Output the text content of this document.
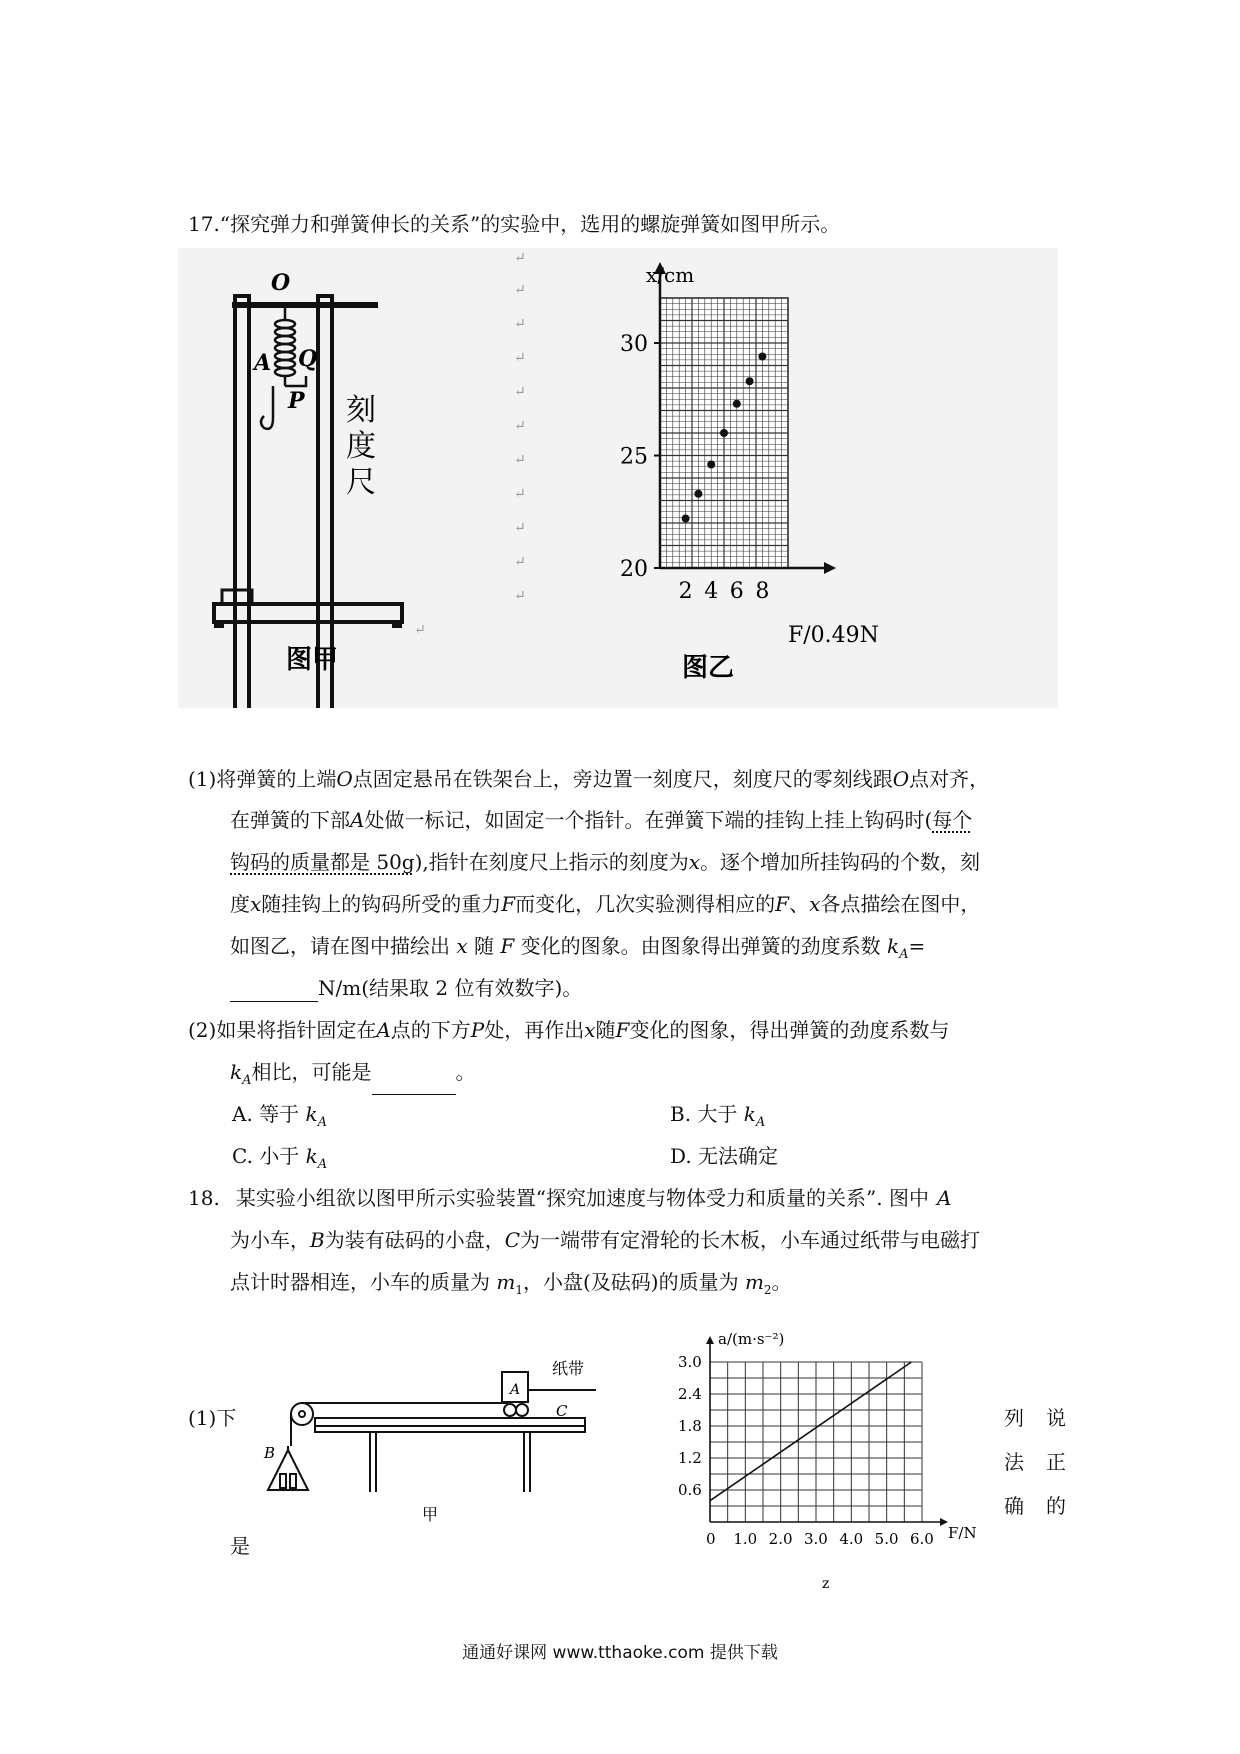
17.“探究弹力和弹簧伸长的关系”的实验中，选用的螺旋弹簧如图甲所示。
O
Q
A
P 刻
度
尺
图甲
↵
↵
↵
↵
↵
↵
↵
↵
↵
↵
↵
↵
2 4 6 8
20
25
30
x/cm
F/0.49N
图乙
(1)将弹簧的上端O点固定悬吊在铁架台上，旁边置一刻度尺，刻度尺的零刻线跟O点对齐，
在弹簧的下部A处做一标记，如固定一个指针。在弹簧下端的挂钩上挂上钩码时(每个
钩码的质量都是 50g),指针在刻度尺上指示的刻度为x。逐个增加所挂钩码的个数，刻
度x随挂钩上的钩码所受的重力F而变化，几次实验测得相应的F、x各点描绘在图中，
如图乙，请在图中描绘出 x 随 F 变化的图象。由图象得出弹簧的劲度系数 $k_A=$
N/m(结果取 2 位有效数字)。
(2)如果将指针固定在A点的下方P处，再作出x随F变化的图象，得出弹簧的劲度系数与
$k_A$相比，可能是	。
A. 等于 $k_A$	B. 大于 $k_A$
C. 小于 $k_A$	D. 无法确定
18. 某实验小组欲以图甲所示实验装置“探究加速度与物体受力和质量的关系”. 图中 A
为小车，B为装有砝码的小盘，C为一端带有定滑轮的长木板，小车通过纸带与电磁打
点计时器相连，小车的质量为 $m_1$，小盘(及砝码)的质量为 $m_2$。
(1)下
是
列 说
法 正
确 的
A
B
C
纸带
甲
0 1.0 2.0 3.0 4.0 5.0 6.0
0.6
1.2
1.8
2.4
3.0
a/(m·s⁻²)
F/N
z
通通好课网 www.tthaoke.com 提供下载
